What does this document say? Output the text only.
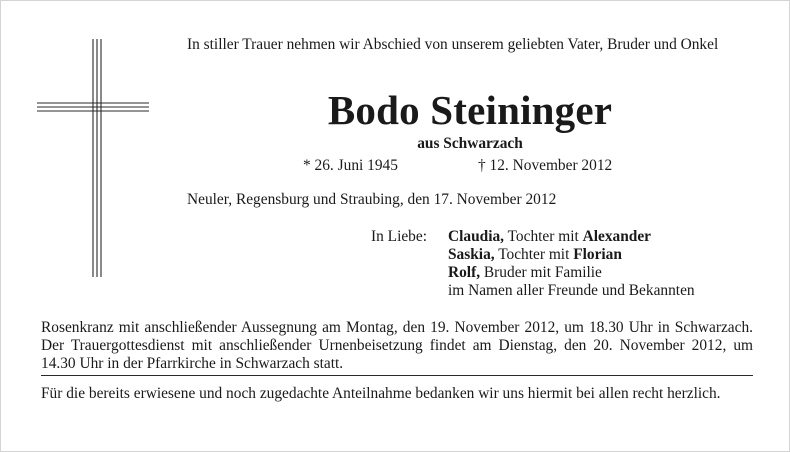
In stiller Trauer nehmen wir Abschied von unserem geliebten Vater, Bruder und Onkel
Bodo Steininger
aus Schwarzach
* 26. Juni 1945	† 12. November 2012
Neuler, Regensburg und Straubing, den 17. November 2012
In Liebe: Claudia, Tochter mit Alexander
Saskia, Tochter mit Florian
Rolf, Bruder mit Familie
im Namen aller Freunde und Bekannten
Rosenkranz mit anschließender Aussegnung am Montag, den 19. November 2012, um 18.30 Uhr in Schwarzach. Der Trauergottesdienst mit anschließender Urnenbeisetzung findet am Dienstag, den 20. November 2012, um 14.30 Uhr in der Pfarrkirche in Schwarzach statt.
Für die bereits erwiesene und noch zugedachte Anteilnahme bedanken wir uns hiermit bei allen recht herzlich.
